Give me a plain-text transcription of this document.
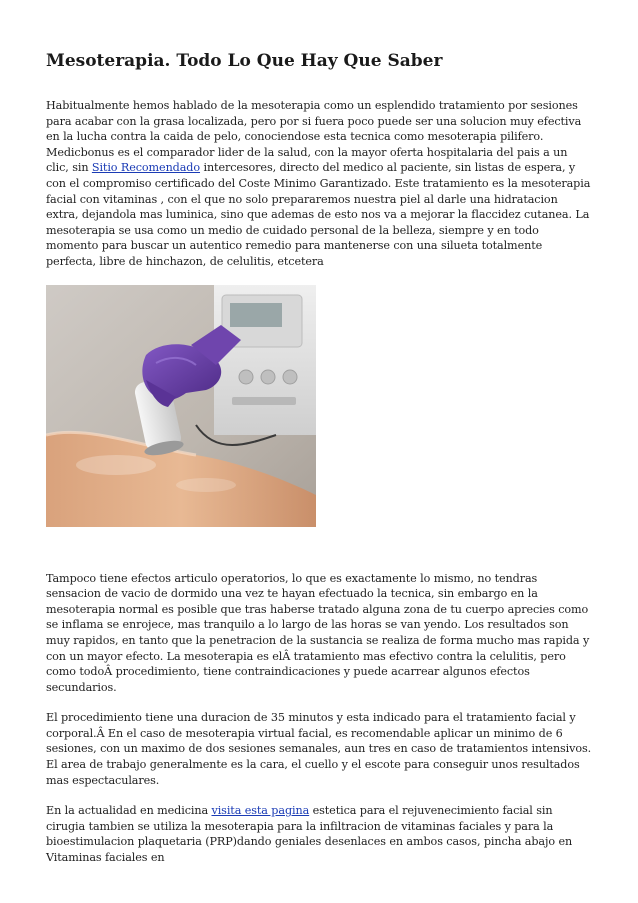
Mesoterapia. Todo Lo Que Hay Que Saber

Habitualmente hemos hablado de la mesoterapia como un esplendido tratamiento por sesiones para acabar con la grasa localizada, pero por si fuera poco puede ser una solucion muy efectiva en la lucha contra la caida de pelo, conociendose esta tecnica como mesoterapia pilifero. Medicbonus es el comparador lider de la salud, con la mayor oferta hospitalaria del pais a un clic, sin Sitio Recomendado intercesores, directo del medico al paciente, sin listas de espera, y con el compromiso certificado del Coste Minimo Garantizado. Este tratamiento es la mesoterapia facial con vitaminas , con el que no solo prepararemos nuestra piel al darle una hidratacion extra, dejandola mas luminica, sino que ademas de esto nos va a mejorar la flaccidez cutanea. La mesoterapia se usa como un medio de cuidado personal de la belleza, siempre y en todo momento para buscar un autentico remedio para mantenerse con una silueta totalmente perfecta, libre de hinchazon, de celulitis, etcetera

Tampoco tiene efectos articulo operatorios, lo que es exactamente lo mismo, no tendras sensacion de vacio de dormido una vez te hayan efectuado la tecnica, sin embargo en la mesoterapia normal es posible que tras haberse tratado alguna zona de tu cuerpo aprecies como se inflama se enrojece, mas tranquilo a lo largo de las horas se van yendo. Los resultados son muy rapidos, en tanto que la penetracion de la sustancia se realiza de forma mucho mas rapida y con un mayor efecto. La mesoterapia es elÂ tratamiento mas efectivo contra la celulitis, pero como todoÂ procedimiento, tiene contraindicaciones y puede acarrear algunos efectos secundarios.

El procedimiento tiene una duracion de 35 minutos y esta indicado para el tratamiento facial y corporal.Â En el caso de mesoterapia virtual facial, es recomendable aplicar un minimo de 6 sesiones, con un maximo de dos sesiones semanales, aun tres en caso de tratamientos intensivos. El area de trabajo generalmente es la cara, el cuello y el escote para conseguir unos resultados mas espectaculares.

En la actualidad en medicina visita esta pagina estetica para el rejuvenecimiento facial sin cirugia tambien se utiliza la mesoterapia para la infiltracion de vitaminas faciales y para la bioestimulacion plaquetaria (PRP)dando geniales desenlaces en ambos casos, pincha abajo en Vitaminas faciales en
